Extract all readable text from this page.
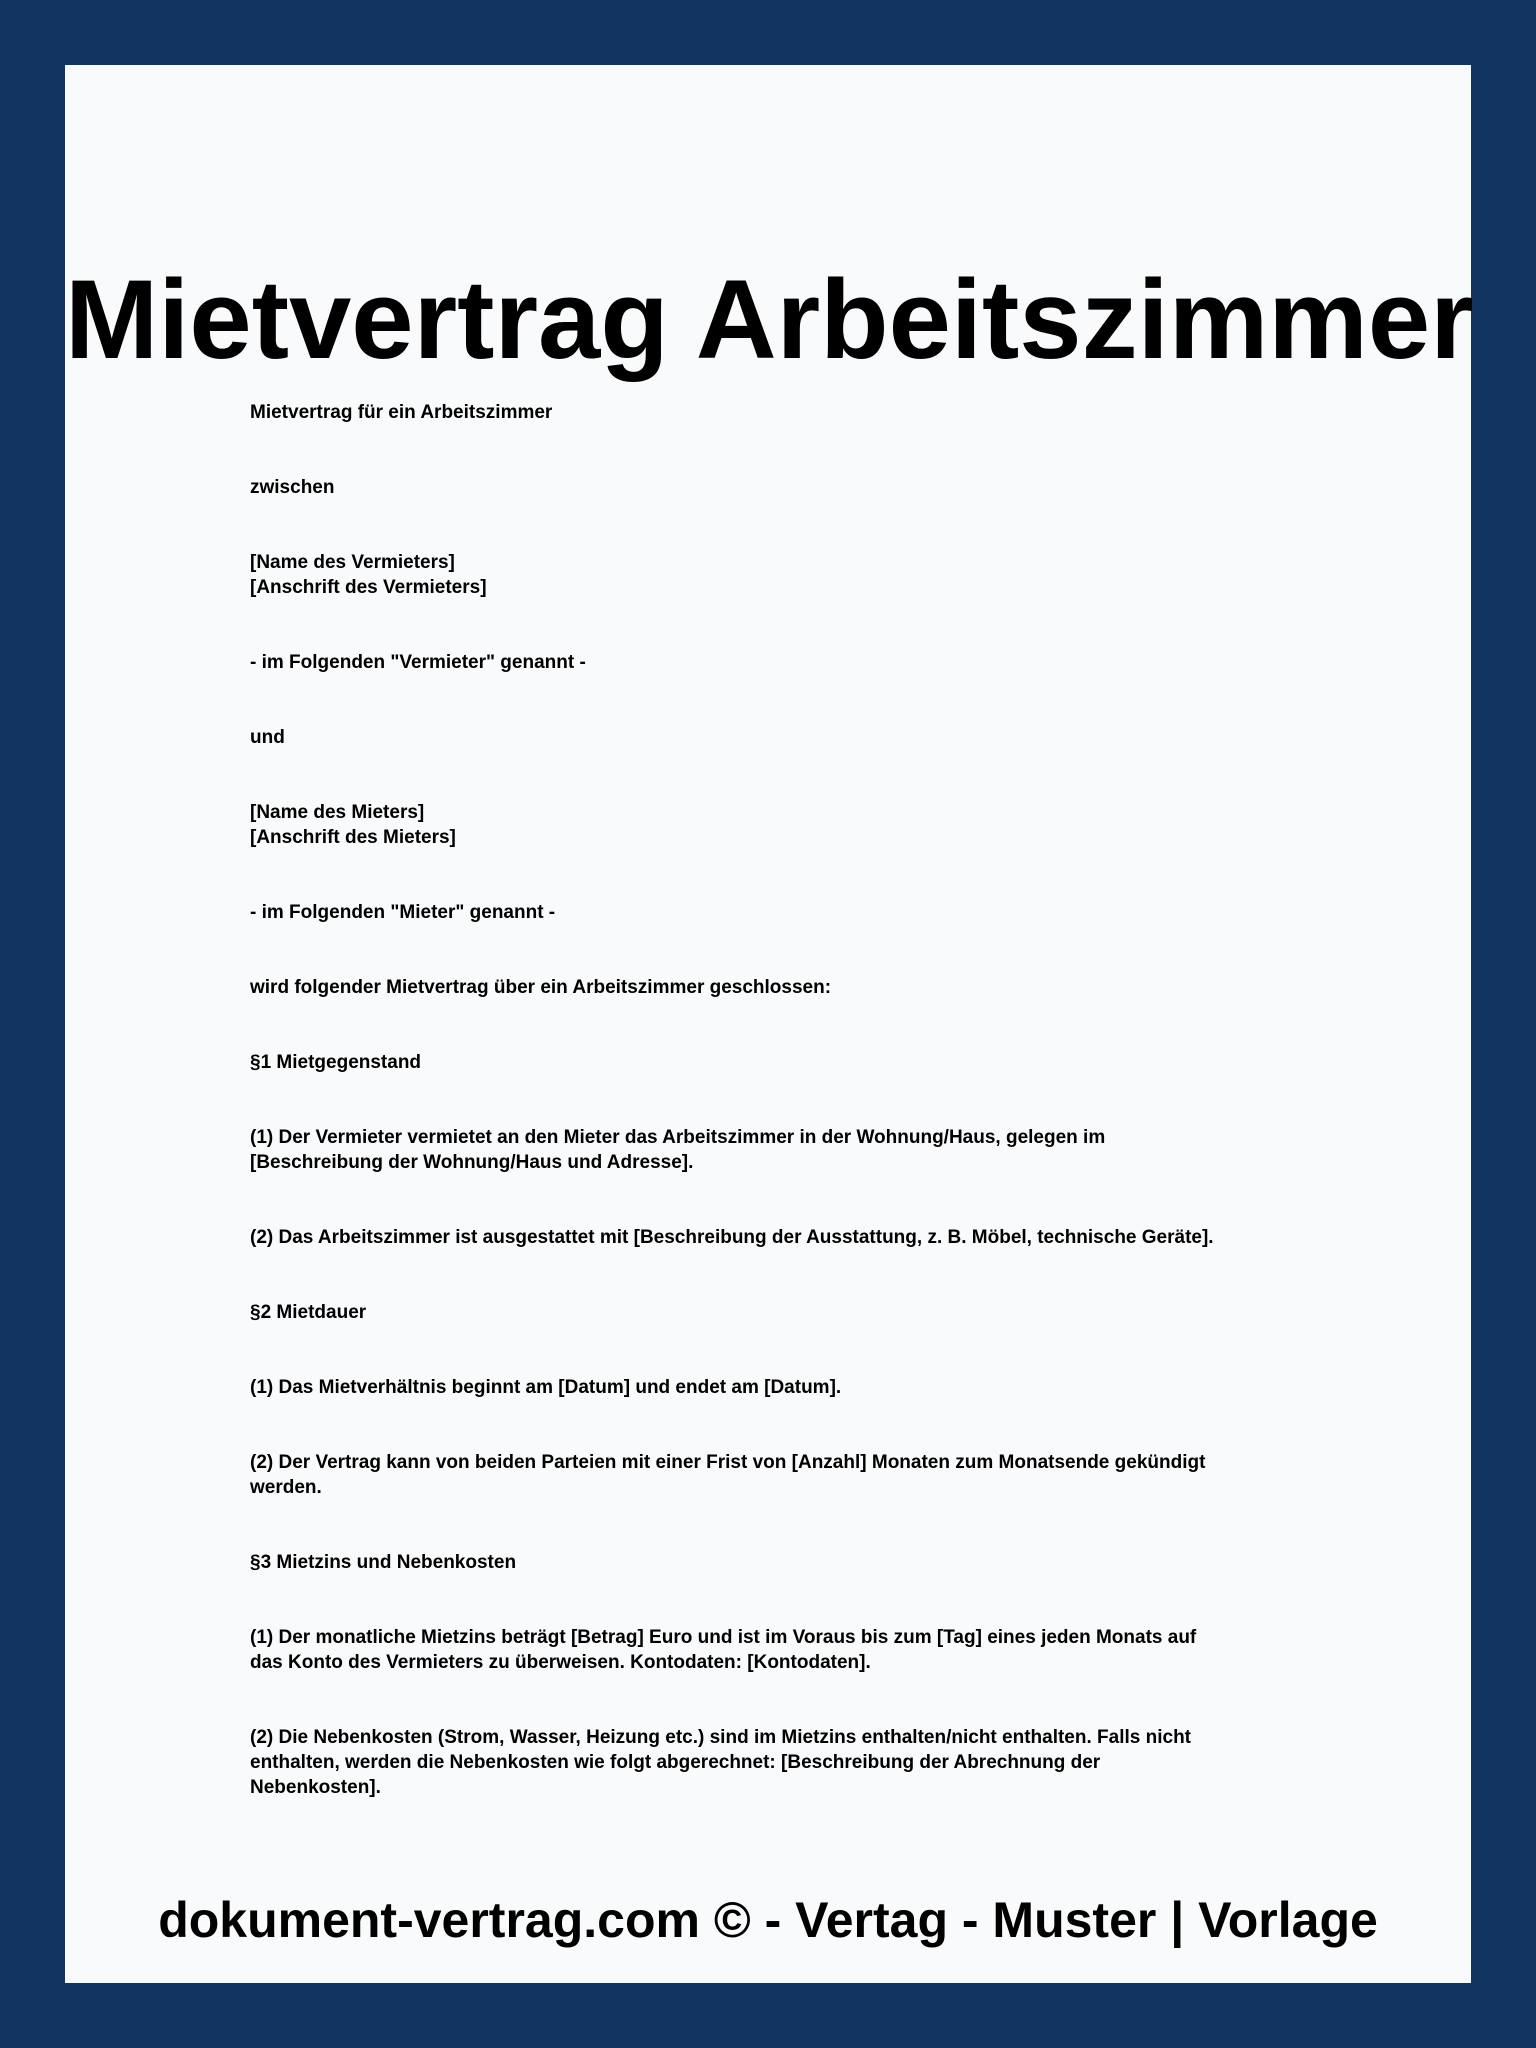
Mietvertrag Arbeitszimmer

Mietvertrag für ein Arbeitszimmer

zwischen

[Name des Vermieters]
[Anschrift des Vermieters]

- im Folgenden "Vermieter" genannt -

und

[Name des Mieters]
[Anschrift des Mieters]

- im Folgenden "Mieter" genannt -

wird folgender Mietvertrag über ein Arbeitszimmer geschlossen:

§1 Mietgegenstand

(1) Der Vermieter vermietet an den Mieter das Arbeitszimmer in der Wohnung/Haus, gelegen im
[Beschreibung der Wohnung/Haus und Adresse].

(2) Das Arbeitszimmer ist ausgestattet mit [Beschreibung der Ausstattung, z. B. Möbel, technische Geräte].

§2 Mietdauer

(1) Das Mietverhältnis beginnt am [Datum] und endet am [Datum].

(2) Der Vertrag kann von beiden Parteien mit einer Frist von [Anzahl] Monaten zum Monatsende gekündigt
werden.

§3 Mietzins und Nebenkosten

(1) Der monatliche Mietzins beträgt [Betrag] Euro und ist im Voraus bis zum [Tag] eines jeden Monats auf
das Konto des Vermieters zu überweisen. Kontodaten: [Kontodaten].

(2) Die Nebenkosten (Strom, Wasser, Heizung etc.) sind im Mietzins enthalten/nicht enthalten. Falls nicht
enthalten, werden die Nebenkosten wie folgt abgerechnet: [Beschreibung der Abrechnung der
Nebenkosten].

dokument-vertrag.com © - Vertag - Muster | Vorlage
